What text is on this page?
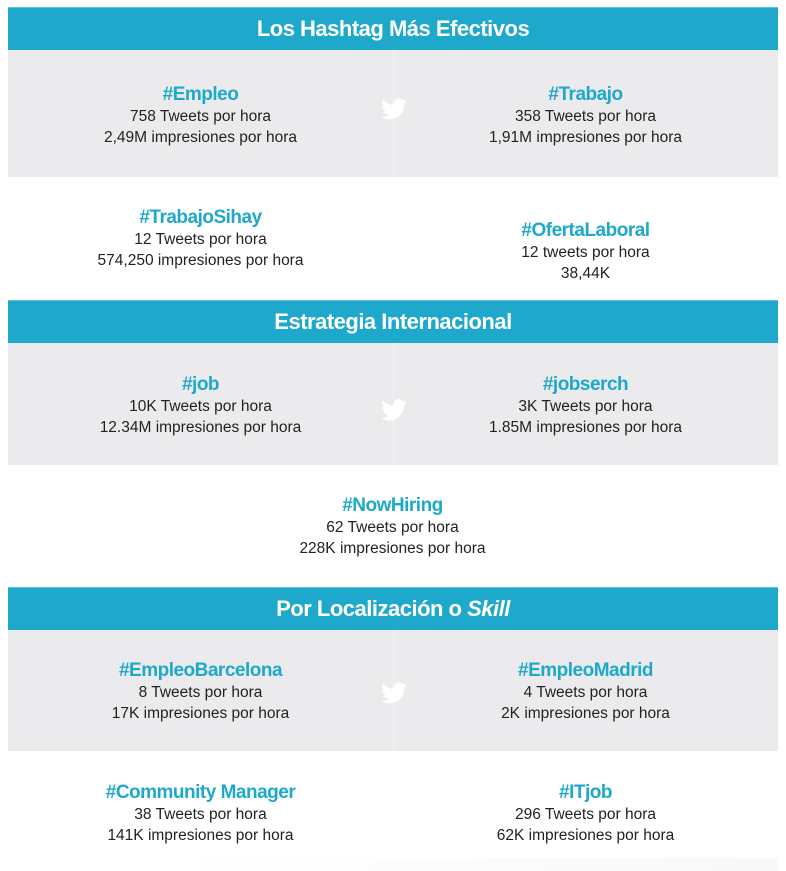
Los Hashtag Más Efectivos
#Empleo
758 Tweets por hora
2,49M impresiones por hora
#Trabajo
358 Tweets por hora
1,91M impresiones por hora
#TrabajoSihay
12 Tweets por hora
574,250 impresiones por hora
#OfertaLaboral
12 tweets por hora
38,44K
Estrategia Internacional
#job
10K Tweets por hora
12.34M impresiones por hora
#jobserch
3K Tweets por hora
1.85M impresiones por hora
#NowHiring
62 Tweets por hora
228K impresiones por hora
Por Localización o Skill
#EmpleoBarcelona
8 Tweets por hora
17K impresiones por hora
#EmpleoMadrid
4 Tweets por hora
2K impresiones por hora
#Community Manager
38 Tweets por hora
141K impresiones por hora
#ITjob
296 Tweets por hora
62K impresiones por hora
